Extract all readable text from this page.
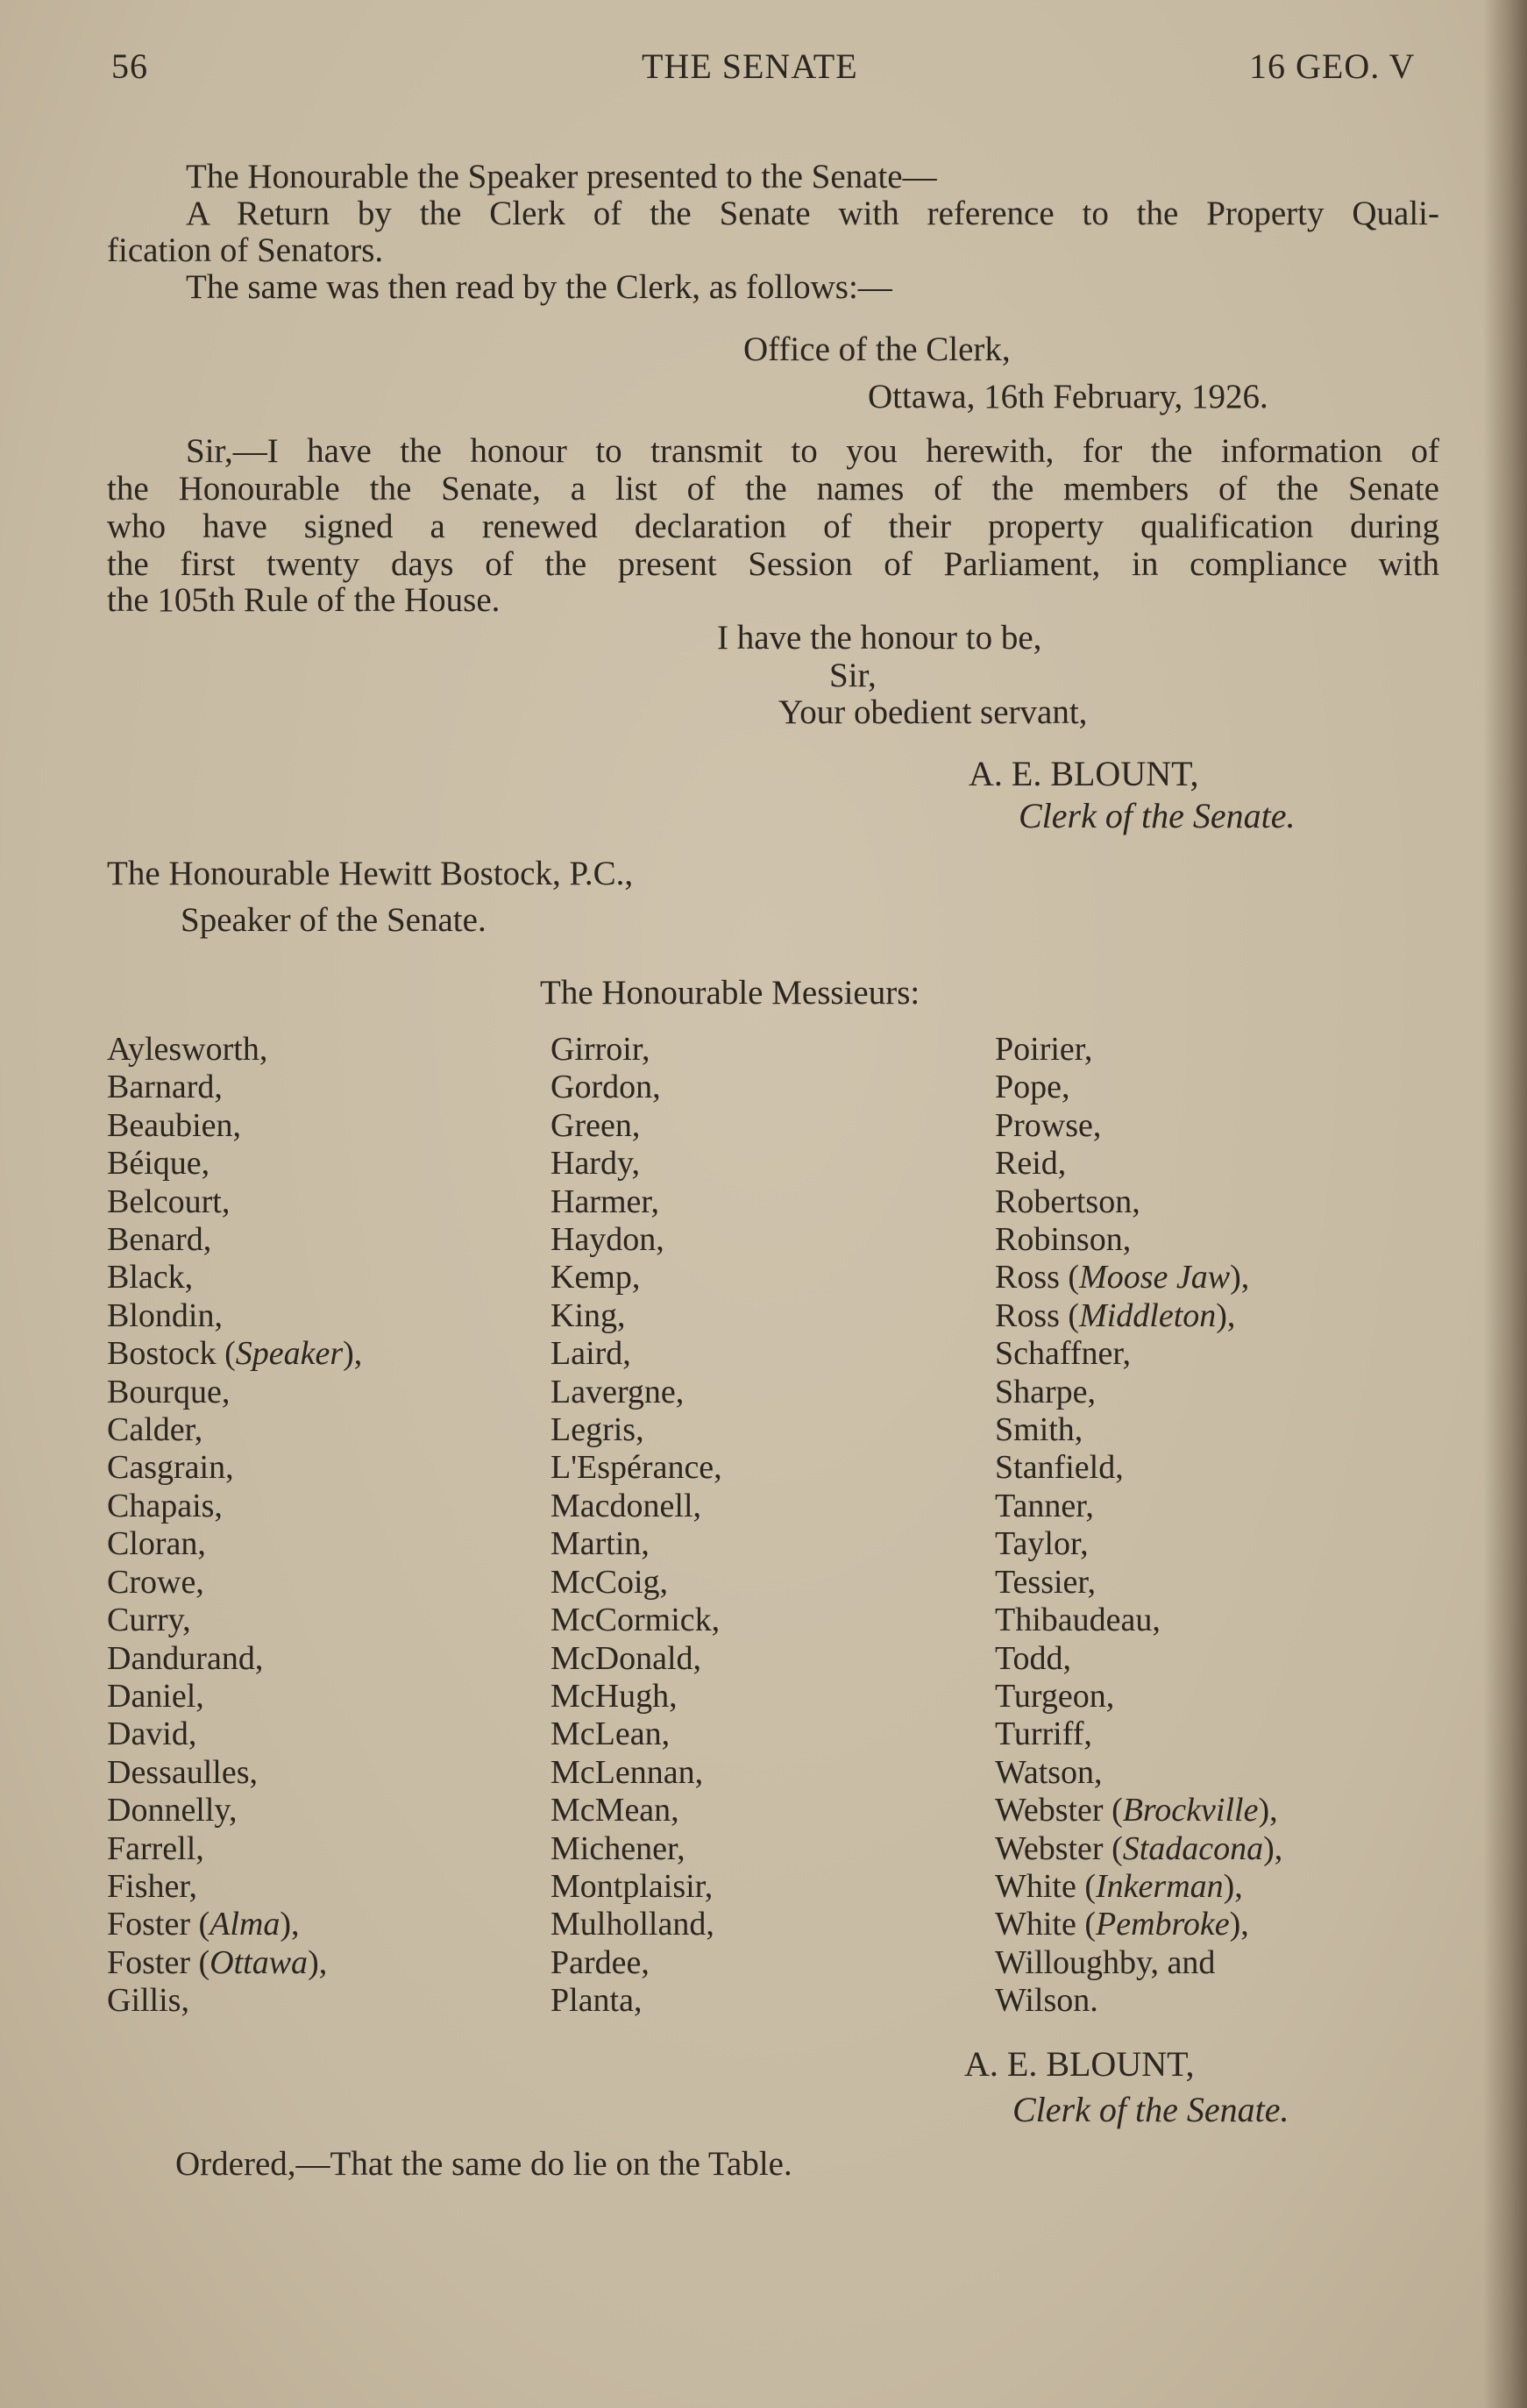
56	THE SENATE	16 GEO. V
The Honourable the Speaker presented to the Senate—
A Return by the Clerk of the Senate with reference to the Property Quali-
fication of Senators.
The same was then read by the Clerk, as follows:—
Office of the Clerk,
Ottawa, 16th February, 1926.
Sir,—I have the honour to transmit to you herewith, for the information of
the Honourable the Senate, a list of the names of the members of the Senate
who have signed a renewed declaration of their property qualification during
the first twenty days of the present Session of Parliament, in compliance with
the 105th Rule of the House.
I have the honour to be,
Sir,
Your obedient servant,
A. E. BLOUNT,
Clerk of the Senate.
The Honourable Hewitt Bostock, P.C.,
Speaker of the Senate.
The Honourable Messieurs:
Aylesworth,
Barnard,
Beaubien,
Béique,
Belcourt,
Benard,
Black,
Blondin,
Bostock (Speaker),
Bourque,
Calder,
Casgrain,
Chapais,
Cloran,
Crowe,
Curry,
Dandurand,
Daniel,
David,
Dessaulles,
Donnelly,
Farrell,
Fisher,
Foster (Alma),
Foster (Ottawa),
Gillis,
Girroir,
Gordon,
Green,
Hardy,
Harmer,
Haydon,
Kemp,
King,
Laird,
Lavergne,
Legris,
L'Espérance,
Macdonell,
Martin,
McCoig,
McCormick,
McDonald,
McHugh,
McLean,
McLennan,
McMean,
Michener,
Montplaisir,
Mulholland,
Pardee,
Planta,
Poirier,
Pope,
Prowse,
Reid,
Robertson,
Robinson,
Ross (Moose Jaw),
Ross (Middleton),
Schaffner,
Sharpe,
Smith,
Stanfield,
Tanner,
Taylor,
Tessier,
Thibaudeau,
Todd,
Turgeon,
Turriff,
Watson,
Webster (Brockville),
Webster (Stadacona),
White (Inkerman),
White (Pembroke),
Willoughby, and
Wilson.
A. E. BLOUNT,
Clerk of the Senate.
Ordered,—That the same do lie on the Table.
